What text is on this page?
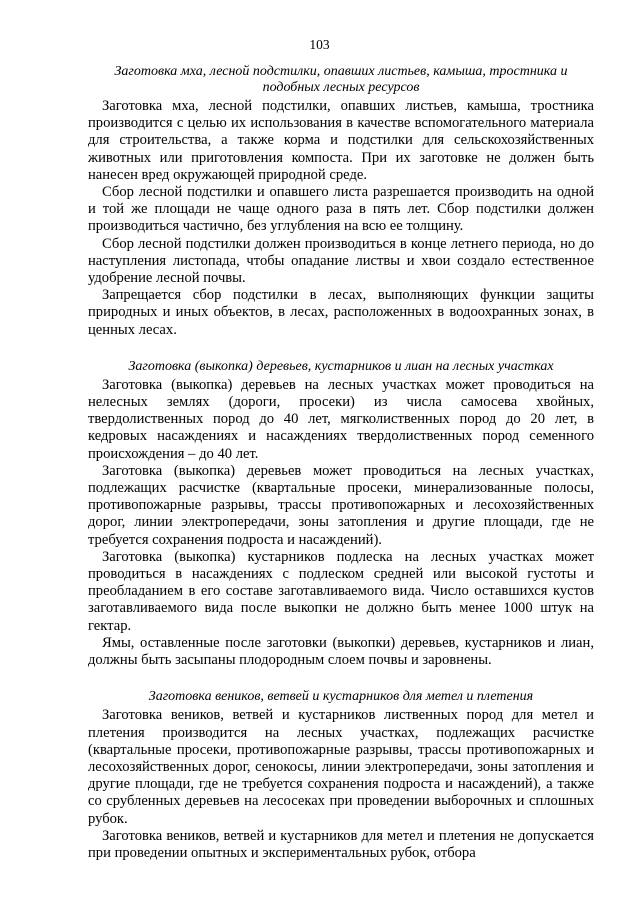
103

Заготовка мха, лесной подстилки, опавших листьев, камыша, тростника и подобных лесных ресурсов

Заготовка мха, лесной подстилки, опавших листьев, камыша, тростника производится с целью их использования в качестве вспомогательного материала для строительства, а также корма и подстилки для сельскохозяйственных животных или приготовления компоста. При их заготовке не должен быть нанесен вред окружающей природной среде.

Сбор лесной подстилки и опавшего листа разрешается производить на одной и той же площади не чаще одного раза в пять лет. Сбор подстилки должен производиться частично, без углубления на всю ее толщину.

Сбор лесной подстилки должен производиться в конце летнего периода, но до наступления листопада, чтобы опадание листвы и хвои создало естественное удобрение лесной почвы.

Запрещается сбор подстилки в лесах, выполняющих функции защиты природных и иных объектов, в лесах, расположенных в водоохранных зонах, в ценных лесах.

Заготовка (выкопка) деревьев, кустарников и лиан на лесных участках

Заготовка (выкопка) деревьев на лесных участках может проводиться на нелесных землях (дороги, просеки) из числа самосева хвойных, твердолиственных пород до 40 лет, мягколиственных пород до 20 лет, в кедровых насаждениях и насаждениях твердолиственных пород семенного происхождения – до 40 лет.

Заготовка (выкопка) деревьев может проводиться на лесных участках, подлежащих расчистке (квартальные просеки, минерализованные полосы, противопожарные разрывы, трассы противопожарных и лесохозяйственных дорог, линии электропередачи, зоны затопления и другие площади, где не требуется сохранения подроста и насаждений).

Заготовка (выкопка) кустарников подлеска на лесных участках может проводиться в насаждениях с подлеском средней или высокой густоты и преобладанием в его составе заготавливаемого вида. Число оставшихся кустов заготавливаемого вида после выкопки не должно быть менее 1000 штук на гектар.

Ямы, оставленные после заготовки (выкопки) деревьев, кустарников и лиан, должны быть засыпаны плодородным слоем почвы и заровнены.

Заготовка веников, ветвей и кустарников для метел и плетения

Заготовка веников, ветвей и кустарников лиственных пород для метел и плетения производится на лесных участках, подлежащих расчистке (квартальные просеки, противопожарные разрывы, трассы противопожарных и лесохозяйственных дорог, сенокосы, линии электропередачи, зоны затопления и другие площади, где не требуется сохранения подроста и насаждений), а также со срубленных деревьев на лесосеках при проведении выборочных и сплошных рубок.

Заготовка веников, ветвей и кустарников для метел и плетения не допускается при проведении опытных и экспериментальных рубок, отбора
